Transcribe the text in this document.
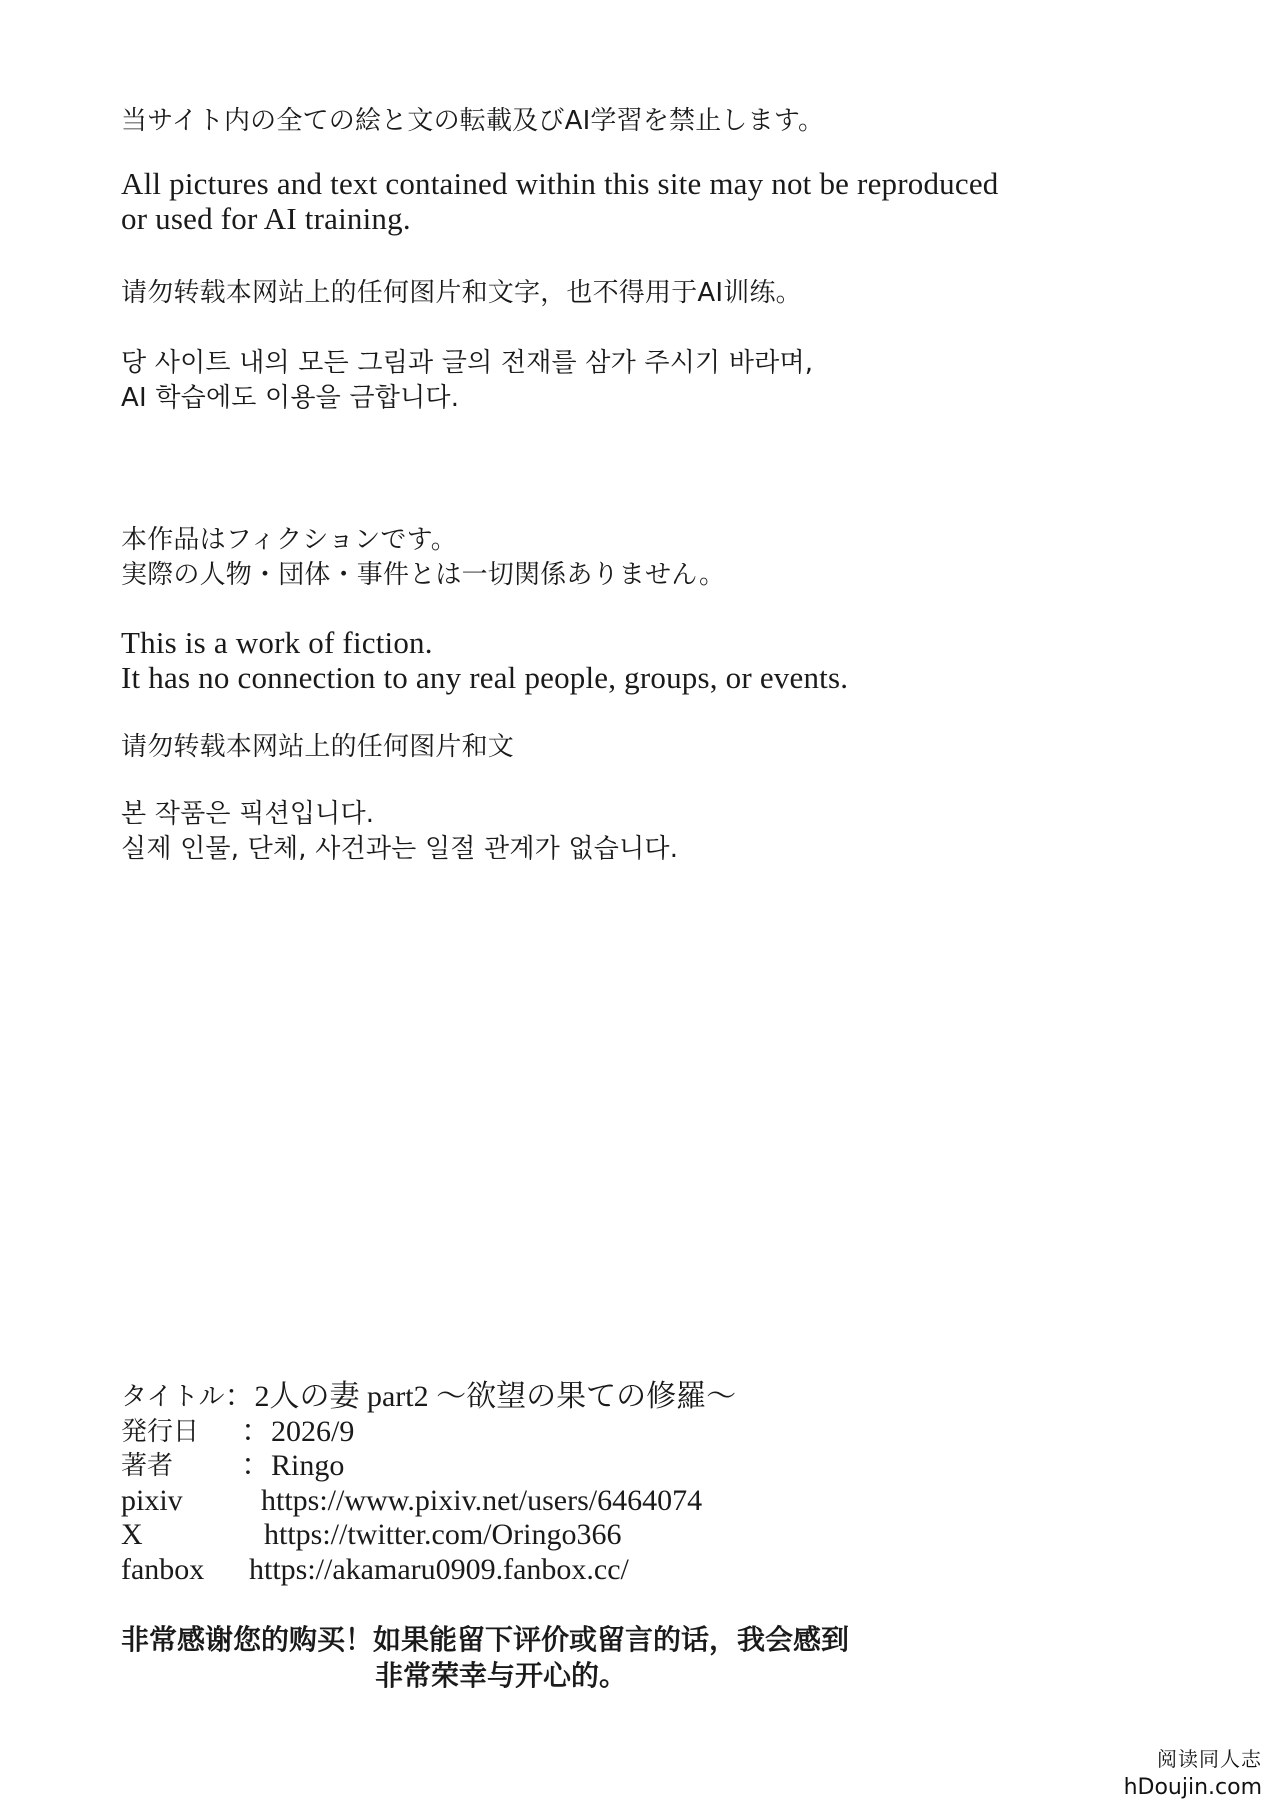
当サイト内の全ての絵と文の転載及びAI学習を禁止します。
All pictures and text contained within this site may not be reproduced
or used for AI training.
请勿转载本网站上的任何图片和文字，也不得用于AI训练。
당 사이트 내의 모든 그림과 글의 전재를 삼가 주시기 바라며,
AI 학습에도 이용을 금합니다.
本作品はフィクションです。
実際の人物・団体・事件とは一切関係ありません。
This is a work of fiction.
It has no connection to any real people, groups, or events.
请勿转载本网站上的任何图片和文
본 작품은 픽션입니다.
실제 인물, 단체, 사건과는 일절 관계가 없습니다.
タイトル ：2人の妻 part2 〜欲望の果ての修羅〜
発行日	：2026/9
著者	：Ringo
pixiv	https://www.pixiv.net/users/6464074
X	https://twitter.com/Oringo366
fanbox	https://akamaru0909.fanbox.cc/
非常感谢您的购买！如果能留下评价或留言的话，我会感到
非常荣幸与开心的。
阅读同人志
hDoujin.com
